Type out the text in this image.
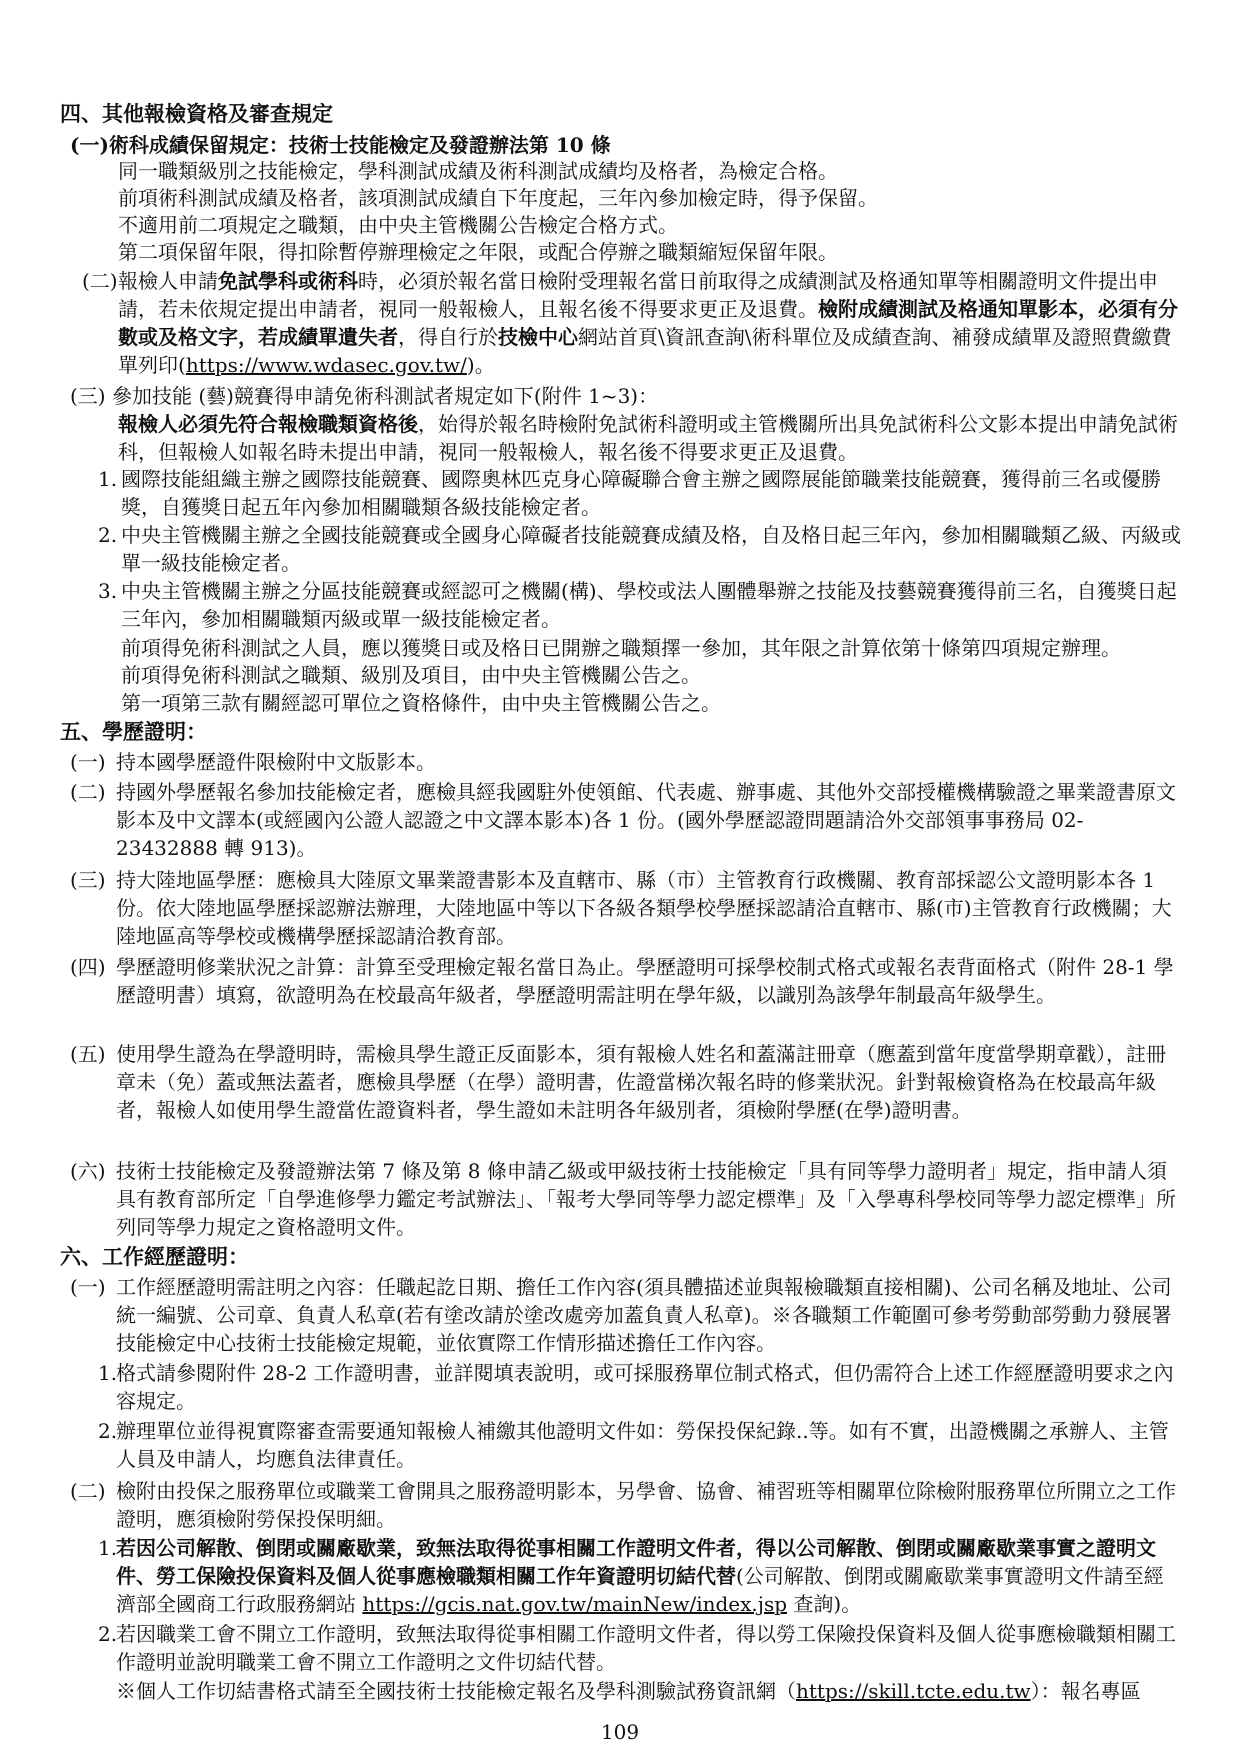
四、其他報檢資格及審查規定
(一)術科成績保留規定：技術士技能檢定及發證辦法第 10 條
同一職類級別之技能檢定，學科測試成績及術科測試成績均及格者，為檢定合格。
前項術科測試成績及格者，該項測試成績自下年度起，三年內參加檢定時，得予保留。
不適用前二項規定之職類，由中央主管機關公告檢定合格方式。
第二項保留年限，得扣除暫停辦理檢定之年限，或配合停辦之職類縮短保留年限。
(二) 報檢人申請免試學科或術科時，必須於報名當日檢附受理報名當日前取得之成績測試及格通知單等相關證明文件提出申請，若未依規定提出申請者，視同一般報檢人，且報名後不得要求更正及退費。檢附成績測試及格通知單影本，必須有分數或及格文字，若成績單遺失者，得自行於技檢中心網站首頁\資訊查詢\術科單位及成績查詢、補發成績單及證照費繳費單列印(https://www.wdasec.gov.tw/)。
(三) 參加技能 (藝)競賽得申請免術科測試者規定如下(附件 1~3)：
報檢人必須先符合報檢職類資格後，始得於報名時檢附免試術科證明或主管機關所出具免試術科公文影本提出申請免試術科，但報檢人如報名時未提出申請，視同一般報檢人，報名後不得要求更正及退費。
1. 國際技能組織主辦之國際技能競賽、國際奧林匹克身心障礙聯合會主辦之國際展能節職業技能競賽，獲得前三名或優勝獎，自獲獎日起五年內參加相關職類各級技能檢定者。
2. 中央主管機關主辦之全國技能競賽或全國身心障礙者技能競賽成績及格，自及格日起三年內，參加相關職類乙級、丙級或單一級技能檢定者。
3. 中央主管機關主辦之分區技能競賽或經認可之機關(構)、學校或法人團體舉辦之技能及技藝競賽獲得前三名，自獲獎日起三年內，參加相關職類丙級或單一級技能檢定者。
前項得免術科測試之人員，應以獲獎日或及格日已開辦之職類擇一參加，其年限之計算依第十條第四項規定辦理。
前項得免術科測試之職類、級別及項目，由中央主管機關公告之。
第一項第三款有關經認可單位之資格條件，由中央主管機關公告之。
五、學歷證明：
(一) 持本國學歷證件限檢附中文版影本。
(二) 持國外學歷報名參加技能檢定者，應檢具經我國駐外使領館、代表處、辦事處、其他外交部授權機構驗證之畢業證書原文影本及中文譯本(或經國內公證人認證之中文譯本影本)各 1 份。(國外學歷認證問題請洽外交部領事事務局 02-23432888 轉 913)。
(三) 持大陸地區學歷：應檢具大陸原文畢業證書影本及直轄市、縣（市）主管教育行政機關、教育部採認公文證明影本各 1 份。依大陸地區學歷採認辦法辦理，大陸地區中等以下各級各類學校學歷採認請洽直轄市、縣(市)主管教育行政機關；大陸地區高等學校或機構學歷採認請洽教育部。
(四) 學歷證明修業狀況之計算：計算至受理檢定報名當日為止。學歷證明可採學校制式格式或報名表背面格式（附件 28-1 學歷證明書）填寫，欲證明為在校最高年級者，學歷證明需註明在學年級，以識別為該學年制最高年級學生。
(五) 使用學生證為在學證明時，需檢具學生證正反面影本，須有報檢人姓名和蓋滿註冊章（應蓋到當年度當學期章戳），註冊章未（免）蓋或無法蓋者，應檢具學歷（在學）證明書，佐證當梯次報名時的修業狀況。針對報檢資格為在校最高年級者，報檢人如使用學生證當佐證資料者，學生證如未註明各年級別者，須檢附學歷(在學)證明書。
(六) 技術士技能檢定及發證辦法第 7 條及第 8 條申請乙級或甲級技術士技能檢定「具有同等學力證明者」規定，指申請人須具有教育部所定「自學進修學力鑑定考試辦法」、「報考大學同等學力認定標準」及「入學專科學校同等學力認定標準」所列同等學力規定之資格證明文件。
六、工作經歷證明：
(一) 工作經歷證明需註明之內容：任職起訖日期、擔任工作內容(須具體描述並與報檢職類直接相關)、公司名稱及地址、公司統一編號、公司章、負責人私章(若有塗改請於塗改處旁加蓋負責人私章)。※各職類工作範圍可參考勞動部勞動力發展署技能檢定中心技術士技能檢定規範，並依實際工作情形描述擔任工作內容。
1.
格式請參閱附件 28-2 工作證明書，並詳閱填表說明，或可採服務單位制式格式，但仍需符合上述工作經歷證明要求之內容規定。
2.
辦理單位並得視實際審查需要通知報檢人補繳其他證明文件如：勞保投保紀錄..等。如有不實，出證機關之承辦人、主管人員及申請人，均應負法律責任。
(二) 檢附由投保之服務單位或職業工會開具之服務證明影本，另學會、協會、補習班等相關單位除檢附服務單位所開立之工作證明，應須檢附勞保投保明細。
1.
若因公司解散、倒閉或關廠歇業，致無法取得從事相關工作證明文件者，得以公司解散、倒閉或關廠歇業事實之證明文件、勞工保險投保資料及個人從事應檢職類相關工作年資證明切結代替(公司解散、倒閉或關廠歇業事實證明文件請至經濟部全國商工行政服務網站 https://gcis.nat.gov.tw/mainNew/index.jsp 查詢)。
2.
若因職業工會不開立工作證明，致無法取得從事相關工作證明文件者，得以勞工保險投保資料及個人從事應檢職類相關工作證明並說明職業工會不開立工作證明之文件切結代替。
※個人工作切結書格式請至全國技術士技能檢定報名及學科測驗試務資訊網（https://skill.tcte.edu.tw）：報名專區
109
